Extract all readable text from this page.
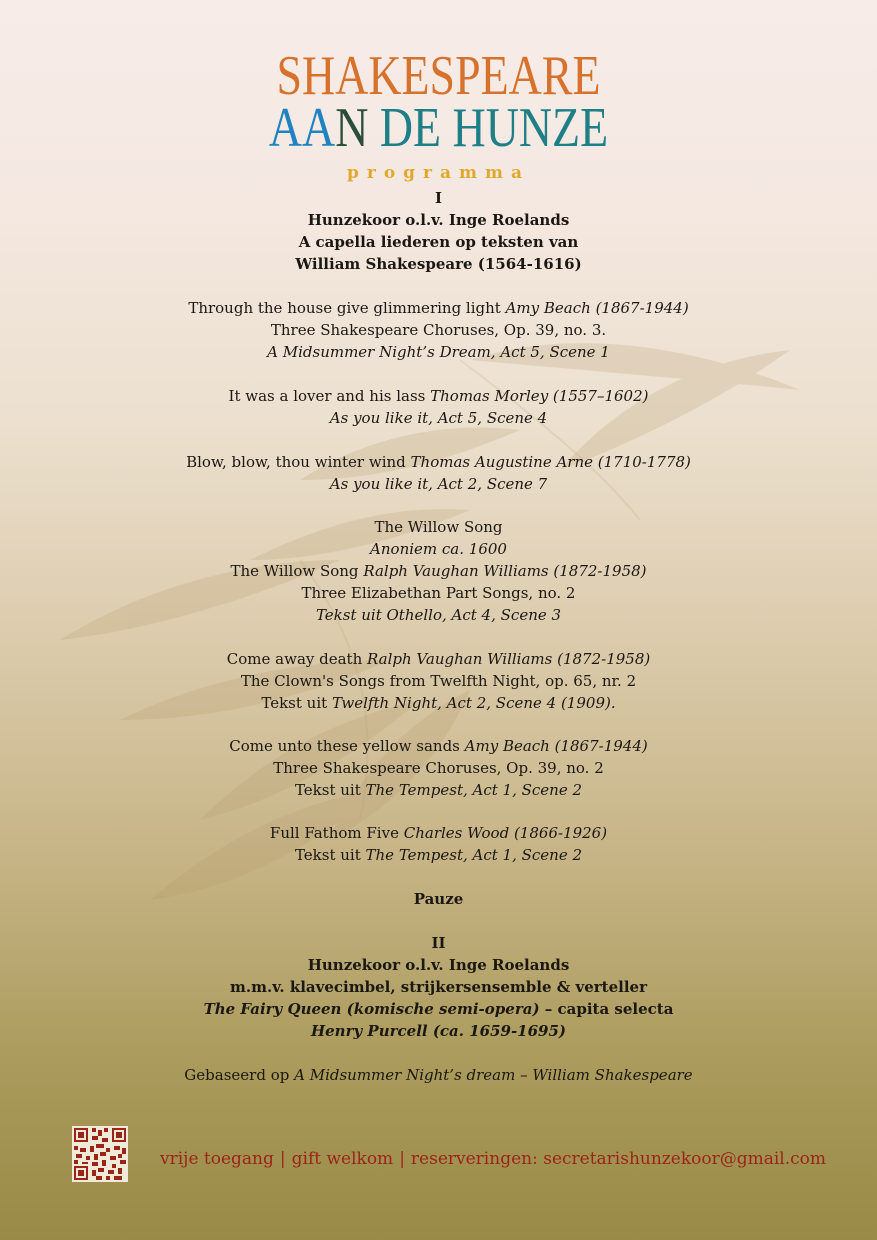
SHAKESPEARE
AAN DE HUNZE
programma
I
Hunzekoor o.l.v. Inge Roelands
A capella liederen op teksten van
William Shakespeare (1564-1616)
Through the house give glimmering light Amy Beach (1867-1944)
Three Shakespeare Choruses, Op. 39, no. 3.
A Midsummer Night’s Dream, Act 5, Scene 1
It was a lover and his lass Thomas Morley (1557–1602)
As you like it, Act 5, Scene 4
Blow, blow, thou winter wind Thomas Augustine Arne (1710-1778)
As you like it, Act 2, Scene 7
The Willow Song
Anoniem ca. 1600
The Willow Song Ralph Vaughan Williams (1872-1958)
Three Elizabethan Part Songs, no. 2
Tekst uit Othello, Act 4, Scene 3
Come away death Ralph Vaughan Williams (1872-1958)
The Clown's Songs from Twelfth Night, op. 65, nr. 2
Tekst uit Twelfth Night, Act 2, Scene 4 (1909).
Come unto these yellow sands Amy Beach (1867-1944)
Three Shakespeare Choruses, Op. 39, no. 2
Tekst uit The Tempest, Act 1, Scene 2
Full Fathom Five Charles Wood (1866-1926)
Tekst uit The Tempest, Act 1, Scene 2
Pauze
II
Hunzekoor o.l.v. Inge Roelands
m.m.v. klavecimbel, strijkersensemble & verteller
The Fairy Queen (komische semi-opera) – capita selecta
Henry Purcell (ca. 1659-1695)
Gebaseerd op A Midsummer Night’s dream – William Shakespeare
vrije toegang | gift welkom | reserveringen: secretarishunzekoor@gmail.com
